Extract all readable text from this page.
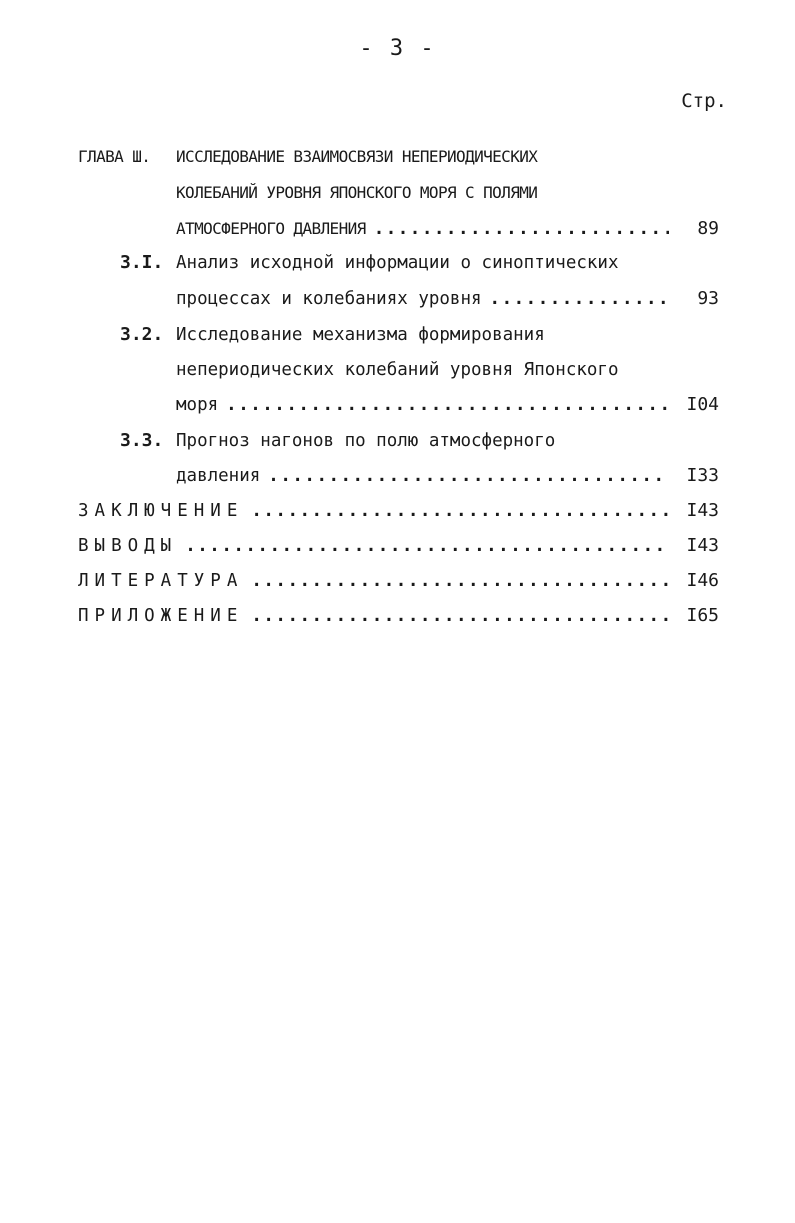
- 3 -
Стр.
ГЛАВА Ш. ИССЛЕДОВАНИЕ ВЗАИМОСВЯЗИ НЕПЕРИОДИЧЕСКИХ
КОЛЕБАНИЙ УРОВНЯ ЯПОНСКОГО МОРЯ С ПОЛЯМИ
АТМОСФЕРНОГО ДАВЛЕНИЯ .....	89
3.I. Анализ исходной информации о синоптических
процессах и колебаниях уровня .....	93
3.2. Исследование механизма формирования
непериодических колебаний уровня Японского
моря .....	I04
3.3. Прогноз нагонов по полю атмосферного
давления .....	I33
ЗАКЛЮЧЕНИЕ .....	I43
ВЫВОДЫ .....	I43
ЛИТЕРАТУРА .....	I46
ПРИЛОЖЕНИЕ .....	I65
